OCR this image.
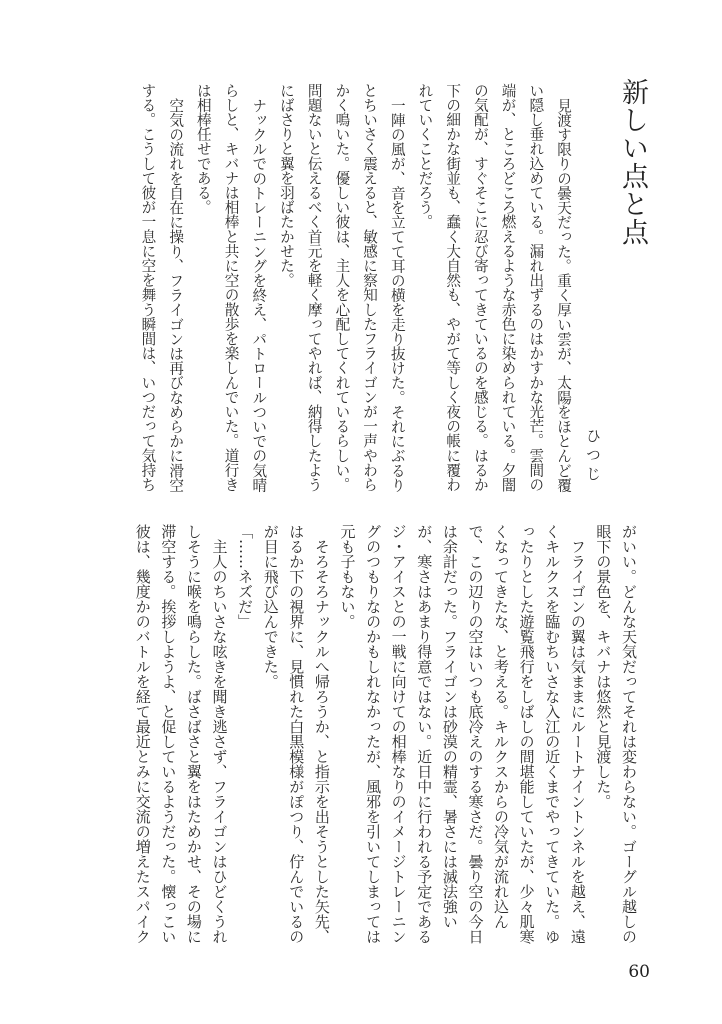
新しい点と点
ひつじ
見渡す限りの曇天だった。重く厚い雲が、太陽をほとんど覆
い隠し垂れ込めている。漏れ出ずるのはかすかな光芒。雲間の
端が、ところどころ燃えるような赤色に染められている。夕闇
の気配が、すぐそこに忍び寄ってきているのを感じる。はるか
下の細かな街並も、蠢く大自然も、やがて等しく夜の帳に覆わ
れていくことだろう。
一陣の風が、音を立てて耳の横を走り抜けた。それにぶるり
とちいさく震えると、敏感に察知したフライゴンが一声やわら
かく鳴いた。優しい彼は、主人を心配してくれているらしい。
問題ないと伝えるべく首元を軽く摩ってやれば、納得したよう
にばさりと翼を羽ばたかせた。
ナックルでのトレーニングを終え、パトロールついでの気晴
らしと、キバナは相棒と共に空の散歩を楽しんでいた。道行き
は相棒任せである。
空気の流れを自在に操り、フライゴンは再びなめらかに滑空
する。こうして彼が一息に空を舞う瞬間は、いつだって気持ち
がいい。どんな天気だってそれは変わらない。ゴーグル越しの
眼下の景色を、キバナは悠然と見渡した。
フライゴンの翼は気ままにルートナイントンネルを越え、遠
くキルクスを臨むちいさな入江の近くまでやってきていた。ゆ
ったりとした遊覧飛行をしばしの間堪能していたが、少々肌寒
くなってきたな、と考える。キルクスからの冷気が流れ込ん
で、この辺りの空はいつも底冷えのする寒さだ。曇り空の今日
は余計だった。フライゴンは砂漠の精霊、暑さには滅法強い
が、寒さはあまり得意ではない。近日中に行われる予定である
ジ・アイスとの一戦に向けての相棒なりのイメージトレーニン
グのつもりなのかもしれなかったが、風邪を引いてしまっては
元も子もない。
そろそろナックルへ帰ろうか、と指示を出そうとした矢先、
はるか下の視界に、見慣れた白黒模様がぽつり、佇んでいるの
が目に飛び込んできた。
「……ネズだ」
主人のちいさな呟きを聞き逃さず、フライゴンはひどくうれ
しそうに喉を鳴らした。ばさばさと翼をはためかせ、その場に
滞空する。挨拶しようよ、と促しているようだった。懐っこい
彼は、幾度かのバトルを経て最近とみに交流の増えたスパイク
60
